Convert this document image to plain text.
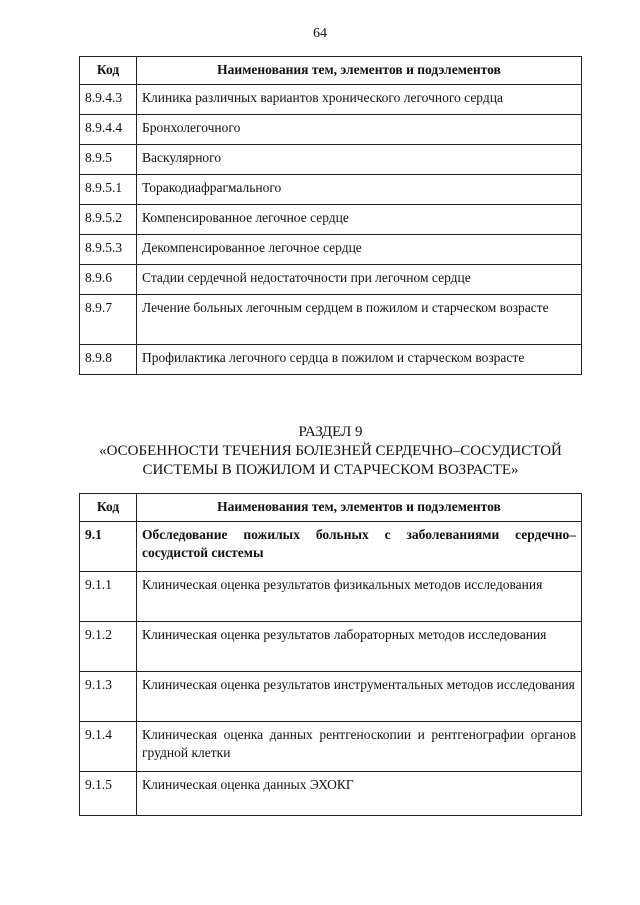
64
Код	Наименования тем, элементов и подэлементов
8.9.4.3	Клиника различных вариантов хронического легочного сердца
8.9.4.4	Бронхолегочного
8.9.5	Васкулярного
8.9.5.1	Торакодиафрагмального
8.9.5.2	Компенсированное легочное сердце
8.9.5.3	Декомпенсированное легочное сердце
8.9.6	Стадии сердечной недостаточности при легочном сердце
8.9.7	Лечение больных легочным сердцем в пожилом и старческом возрасте
8.9.8	Профилактика легочного сердца в пожилом и старческом возрасте
РАЗДЕЛ 9
«ОСОБЕННОСТИ ТЕЧЕНИЯ БОЛЕЗНЕЙ СЕРДЕЧНО–СОСУДИСТОЙ
СИСТЕМЫ В ПОЖИЛОМ И СТАРЧЕСКОМ ВОЗРАСТЕ»
Код	Наименования тем, элементов и подэлементов
9.1	Обследование пожилых больных с заболеваниями сердечно–сосудистой системы
9.1.1	Клиническая оценка результатов физикальных методов исследования
9.1.2	Клиническая оценка результатов лабораторных методов исследования
9.1.3	Клиническая оценка результатов инструментальных методов исследования
9.1.4	Клиническая оценка данных рентгеноскопии и рентгенографии органов грудной клетки
9.1.5	Клиническая оценка данных ЭХОКГ
